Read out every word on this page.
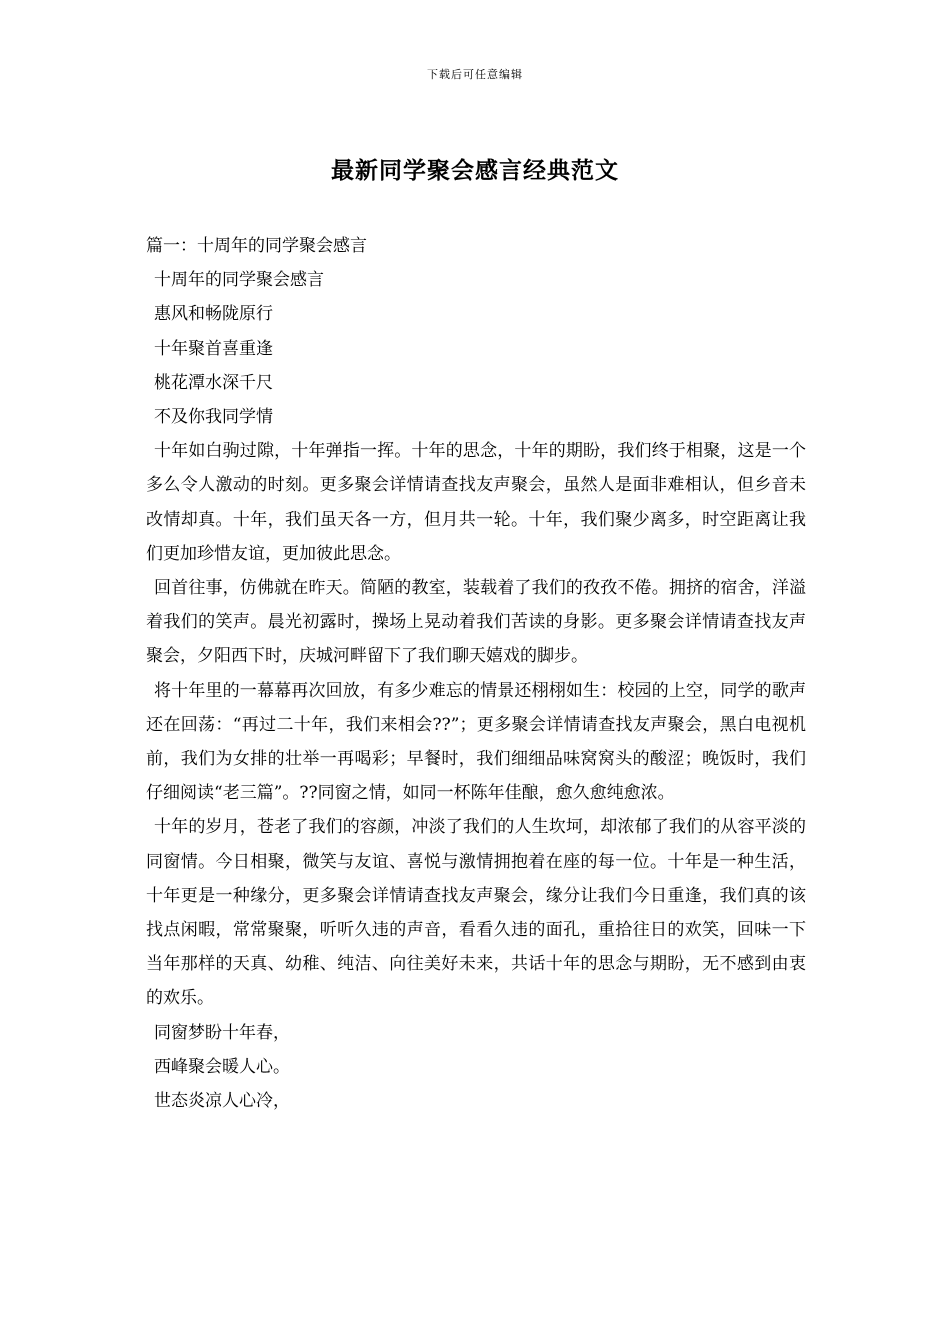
下载后可任意编辑
最新同学聚会感言经典范文
篇一：十周年的同学聚会感言
十周年的同学聚会感言
惠风和畅陇原行
十年聚首喜重逢
桃花潭水深千尺
不及你我同学情
十年如白驹过隙，十年弹指一挥。十年的思念，十年的期盼，我们终于相聚，这是一个多么令人激动的时刻。更多聚会详情请查找友声聚会，虽然人是面非难相认，但乡音未改情却真。十年，我们虽天各一方，但月共一轮。十年，我们聚少离多，时空距离让我们更加珍惜友谊，更加彼此思念。
回首往事，仿佛就在昨天。简陋的教室，装载着了我们的孜孜不倦。拥挤的宿舍，洋溢着我们的笑声。晨光初露时，操场上晃动着我们苦读的身影。更多聚会详情请查找友声聚会，夕阳西下时，庆城河畔留下了我们聊天嬉戏的脚步。
将十年里的一幕幕再次回放，有多少难忘的情景还栩栩如生：校园的上空，同学的歌声还在回荡：“再过二十年，我们来相会??”；更多聚会详情请查找友声聚会，黑白电视机前，我们为女排的壮举一再喝彩；早餐时，我们细细品味窝窝头的酸涩；晚饭时，我们仔细阅读“老三篇”。??同窗之情，如同一杯陈年佳酿，愈久愈纯愈浓。
十年的岁月，苍老了我们的容颜，冲淡了我们的人生坎坷，却浓郁了我们的从容平淡的同窗情。今日相聚，微笑与友谊、喜悦与激情拥抱着在座的每一位。十年是一种生活，十年更是一种缘分，更多聚会详情请查找友声聚会，缘分让我们今日重逢，我们真的该找点闲暇，常常聚聚，听听久违的声音，看看久违的面孔，重拾往日的欢笑，回味一下当年那样的天真、幼稚、纯洁、向往美好未来，共话十年的思念与期盼，无不感到由衷的欢乐。
同窗梦盼十年春，
西峰聚会暖人心。
世态炎凉人心冷，
